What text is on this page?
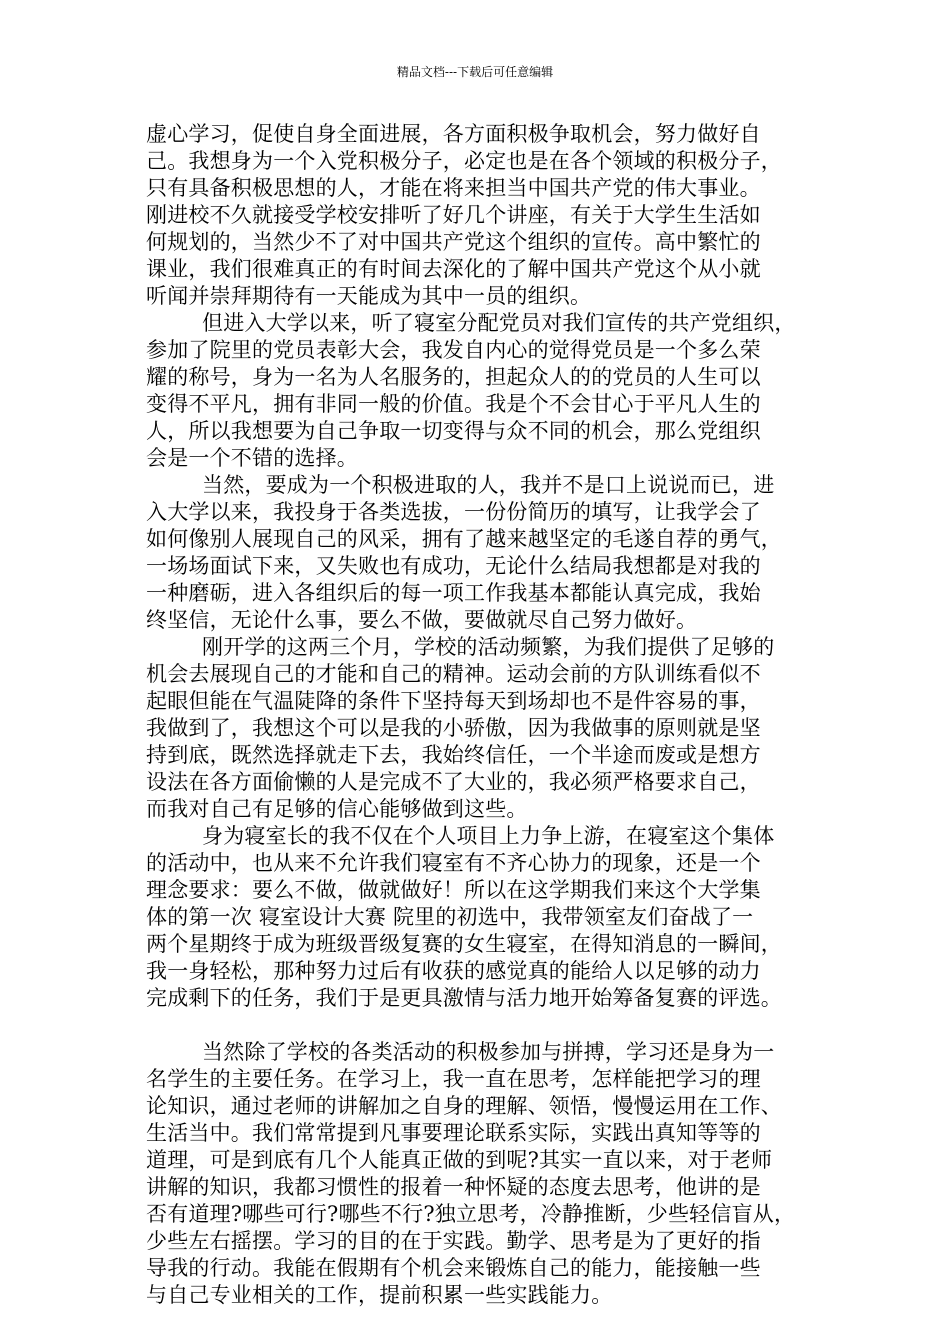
精品文档---下载后可任意编辑
虚心学习，促使自身全面进展，各方面积极争取机会，努力做好自
己。我想身为一个入党积极分子，必定也是在各个领域的积极分子，
只有具备积极思想的人，才能在将来担当中国共产党的伟大事业。
刚进校不久就接受学校安排听了好几个讲座，有关于大学生生活如
何规划的，当然少不了对中国共产党这个组织的宣传。高中繁忙的
课业，我们很难真正的有时间去深化的了解中国共产党这个从小就
听闻并崇拜期待有一天能成为其中一员的组织。
但进入大学以来，听了寝室分配党员对我们宣传的共产党组织，
参加了院里的党员表彰大会，我发自内心的觉得党员是一个多么荣
耀的称号，身为一名为人名服务的，担起众人的的党员的人生可以
变得不平凡，拥有非同一般的价值。我是个不会甘心于平凡人生的
人，所以我想要为自己争取一切变得与众不同的机会，那么党组织
会是一个不错的选择。
当然，要成为一个积极进取的人，我并不是口上说说而已，进
入大学以来，我投身于各类选拔，一份份简历的填写，让我学会了
如何像别人展现自己的风采，拥有了越来越坚定的毛遂自荐的勇气，
一场场面试下来，又失败也有成功，无论什么结局我想都是对我的
一种磨砺，进入各组织后的每一项工作我基本都能认真完成，我始
终坚信，无论什么事，要么不做，要做就尽自己努力做好。
刚开学的这两三个月，学校的活动频繁，为我们提供了足够的
机会去展现自己的才能和自己的精神。运动会前的方队训练看似不
起眼但能在气温陡降的条件下坚持每天到场却也不是件容易的事，
我做到了，我想这个可以是我的小骄傲，因为我做事的原则就是坚
持到底，既然选择就走下去，我始终信任，一个半途而废或是想方
设法在各方面偷懒的人是完成不了大业的，我必须严格要求自己，
而我对自己有足够的信心能够做到这些。
身为寝室长的我不仅在个人项目上力争上游，在寝室这个集体
的活动中，也从来不允许我们寝室有不齐心协力的现象，还是一个
理念要求：要么不做，做就做好！所以在这学期我们来这个大学集
体的第一次 寝室设计大赛 院里的初选中，我带领室友们奋战了一
两个星期终于成为班级晋级复赛的女生寝室，在得知消息的一瞬间，
我一身轻松，那种努力过后有收获的感觉真的能给人以足够的动力
完成剩下的任务，我们于是更具激情与活力地开始筹备复赛的评选。
当然除了学校的各类活动的积极参加与拼搏，学习还是身为一
名学生的主要任务。在学习上，我一直在思考，怎样能把学习的理
论知识，通过老师的讲解加之自身的理解、领悟，慢慢运用在工作、
生活当中。我们常常提到凡事要理论联系实际，实践出真知等等的
道理，可是到底有几个人能真正做的到呢?其实一直以来，对于老师
讲解的知识，我都习惯性的报着一种怀疑的态度去思考，他讲的是
否有道理?哪些可行?哪些不行?独立思考，冷静推断，少些轻信盲从，
少些左右摇摆。学习的目的在于实践。勤学、思考是为了更好的指
导我的行动。我能在假期有个机会来锻炼自己的能力，能接触一些
与自己专业相关的工作，提前积累一些实践能力。
